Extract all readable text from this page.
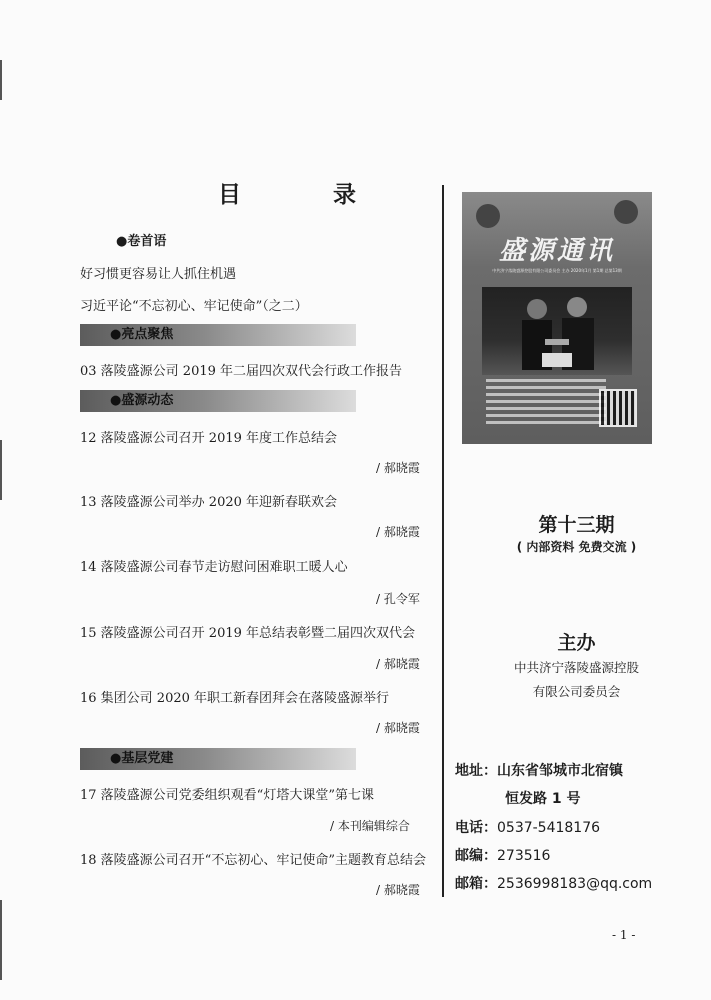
目 录
●卷首语
好习惯更容易让人抓住机遇
习近平论“不忘初心、牢记使命”（之二）
●亮点聚焦
03 落陵盛源公司 2019 年二届四次双代会行政工作报告
●盛源动态
12 落陵盛源公司召开 2019 年度工作总结会
/ 郝晓霞
13 落陵盛源公司举办 2020 年迎新春联欢会
/ 郝晓霞
14 落陵盛源公司春节走访慰问困难职工暖人心
/ 孔令军
15 落陵盛源公司召开 2019 年总结表彰暨二届四次双代会
/ 郝晓霞
16 集团公司 2020 年职工新春团拜会在落陵盛源举行
/ 郝晓霞
●基层党建
17 落陵盛源公司党委组织观看“灯塔大课堂”第七课
/ 本刊编辑综合
18 落陵盛源公司召开“不忘初心、牢记使命”主题教育总结会
/ 郝晓霞
盛源通讯
中共济宁落陵盛源控股有限公司委员会 主办 2020年1月 第1期 总第13期
第十三期
( 内部资料 免费交流 )
主办
中共济宁落陵盛源控股
有限公司委员会
地址：山东省邹城市北宿镇
恒发路 1 号
电话：0537-5418176
邮编：273516
邮箱：2536998183@qq.com
- 1 -
